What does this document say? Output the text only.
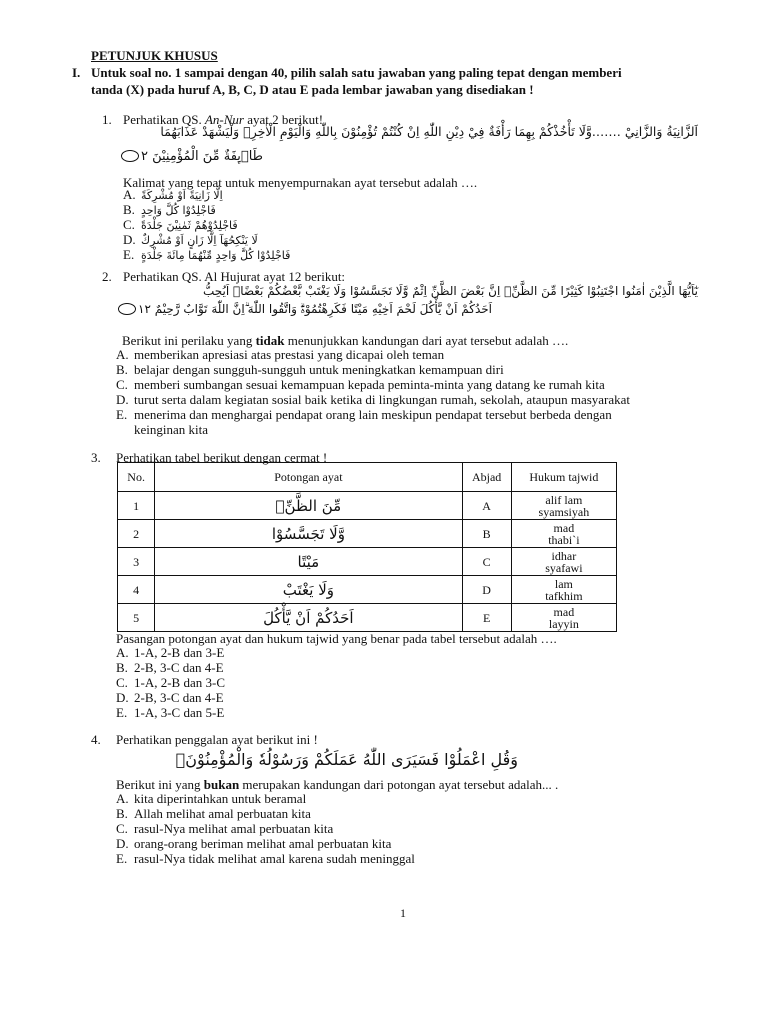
PETUNJUK KHUSUS
I. Untuk soal no. 1 sampai dengan 40, pilih salah satu jawaban yang paling tepat dengan memberi
tanda (X) pada huruf A, B, C, D atau E pada lembar jawaban yang disediakan !
1. Perhatikan QS. An-Nur ayat 2 berikut!
اَلزَّانِيَةُ وَالزَّانِيْ …….وَّلَا تَأْخُذْكُمْ بِهِمَا رَأْفَةٌ فِيْ دِيْنِ اللّٰهِ اِنْ كُنْتُمْ تُؤْمِنُوْنَ بِاللّٰهِ وَالْيَوْمِ الْاٰخِرِۚ وَلْيَشْهَدْ عَذَابَهُمَا
طَاۤىِٕفَةٌ مِّنَ الْمُؤْمِنِيْنَ ٢
Kalimat yang tepat untuk menyempurnakan ayat tersebut adalah ….
A. اِلَّا زَانِيَةً اَوْ مُشْرِكَةً
B. فَاجْلِدُوْا كُلَّ وَاحِدٍ
C. فَاجْلِدُوْهُمْ ثَمٰنِيْنَ جَلْدَةً
D. لَا يَنْكِحُهَآ اِلَّا زَانٍ اَوْ مُشْرِكٌ
E. فَاجْلِدُوْا كُلَّ وَاحِدٍ مِّنْهُمَا مِائَةَ جَلْدَةٍ
2. Perhatikan QS. Al Hujurat ayat 12 berikut:
يٰٓاَيُّهَا الَّذِيْنَ اٰمَنُوا اجْتَنِبُوْا كَثِيْرًا مِّنَ الظَّنِّۖ اِنَّ بَعْضَ الظَّنِّ اِثْمٌ وَّلَا تَجَسَّسُوْا وَلَا يَغْتَبْ بَّعْضُكُمْ بَعْضًاۗ اَيُحِبُّ
اَحَدُكُمْ اَنْ يَّأْكُلَ لَحْمَ اَخِيْهِ مَيْتًا فَكَرِهْتُمُوْهُۗ وَاتَّقُوا اللّٰهَ ۗاِنَّ اللّٰهَ تَوَّابٌ رَّحِيْمٌ ١٢
Berikut ini perilaku yang tidak menunjukkan kandungan dari ayat tersebut adalah ….
A. memberikan apresiasi atas prestasi yang dicapai oleh teman
B. belajar dengan sungguh-sungguh untuk meningkatkan kemampuan diri
C. memberi sumbangan sesuai kemampuan kepada peminta-minta yang datang ke rumah kita
D. turut serta dalam kegiatan sosial baik ketika di lingkungan rumah, sekolah, ataupun masyarakat
E. menerima dan menghargai pendapat orang lain meskipun pendapat tersebut berbeda dengan
keinginan kita
3. Perhatikan tabel berikut dengan cermat !
No.	Potongan ayat	Abjad	Hukum tajwid
1	مِّنَ الظَّنِّۖ	A	alif lam
syamsiyah

2	وَّلَا تَجَسَّسُوْا	B	mad
thabi`i

3	مَيْتًا	C	idhar
syafawi

4	وَلَا يَغْتَبْ	D	lam
tafkhim

5	اَحَدُكُمْ اَنْ يَّأْكُلَ	E	mad
layyin
Pasangan potongan ayat dan hukum tajwid yang benar pada tabel tersebut adalah ….
A. 1-A, 2-B dan 3-E
B. 2-B, 3-C dan 4-E
C. 1-A, 2-B dan 3-C
D. 2-B, 3-C dan 4-E
E. 1-A, 3-C dan 5-E
4. Perhatikan penggalan ayat berikut ini !
وَقُلِ اعْمَلُوْا فَسَيَرَى اللّٰهُ عَمَلَكُمْ وَرَسُوْلُهٗ وَالْمُؤْمِنُوْنَۗ
Berikut ini yang bukan merupakan kandungan dari potongan ayat tersebut adalah... .
A. kita diperintahkan untuk beramal
B. Allah melihat amal perbuatan kita
C. rasul-Nya melihat amal perbuatan kita
D. orang-orang beriman melihat amal perbuatan kita
E. rasul-Nya tidak melihat amal karena sudah meninggal
1
